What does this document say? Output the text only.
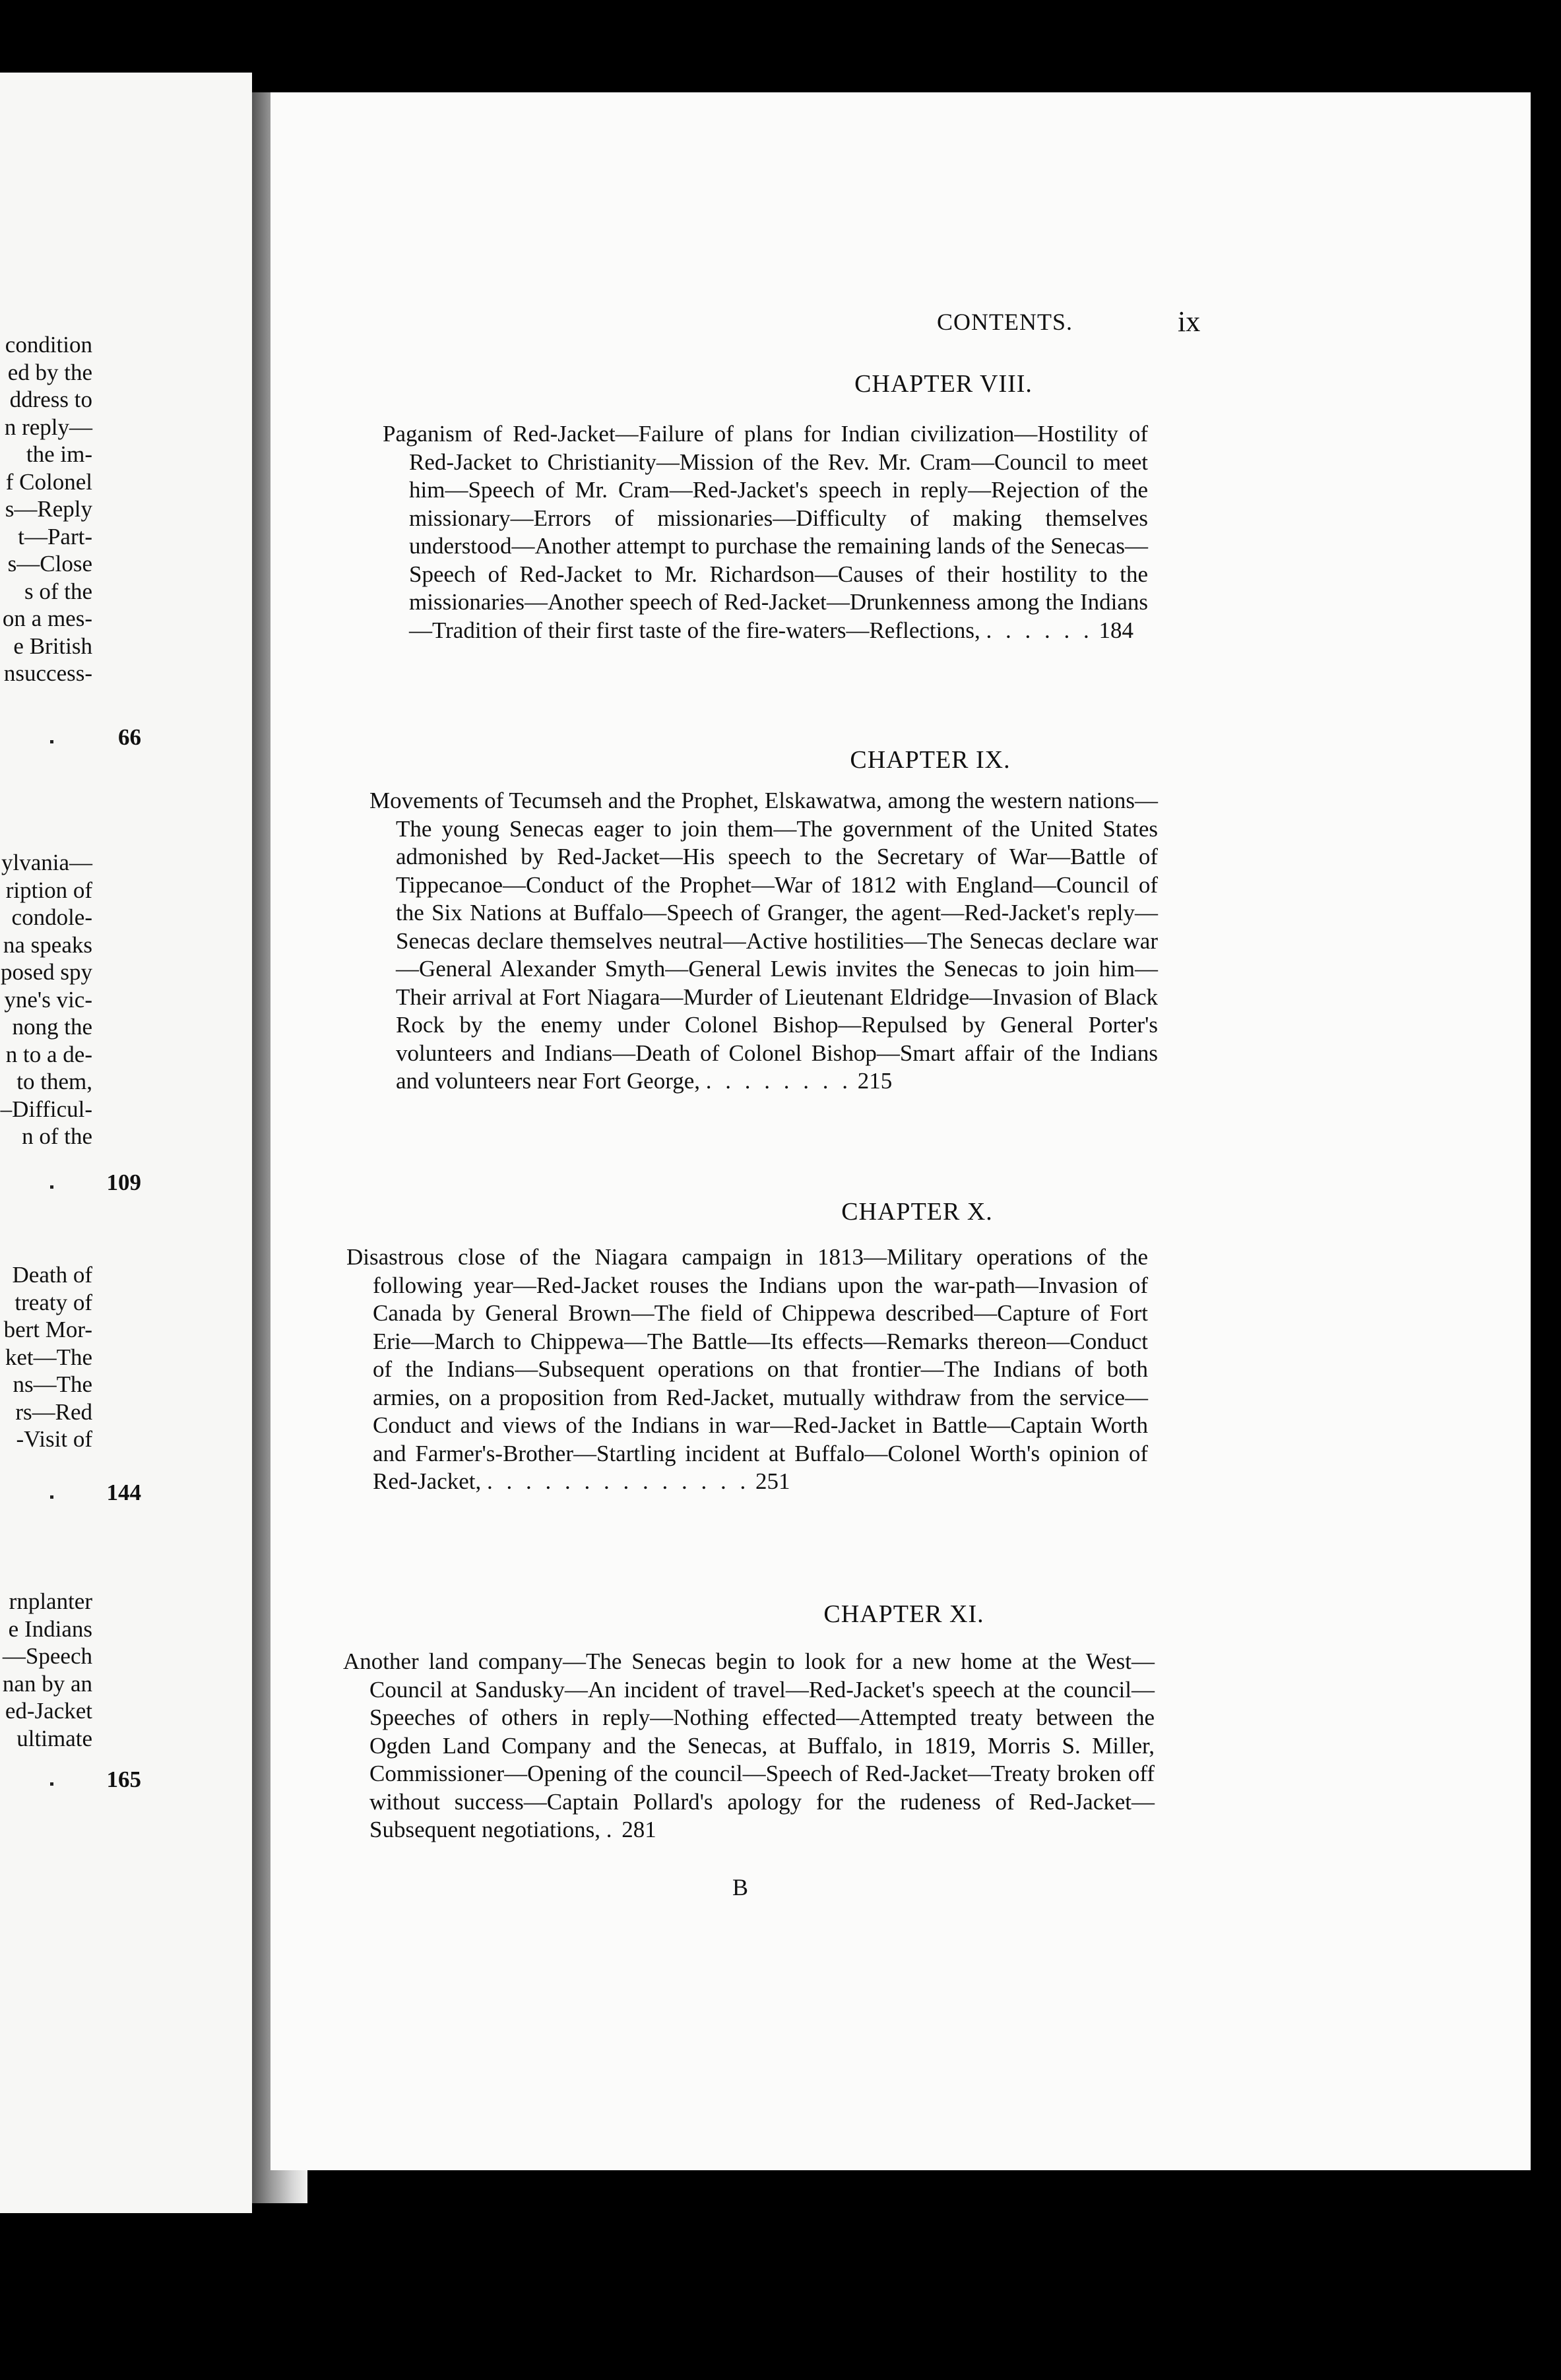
condition
ed by the
ddress to
n reply—
the im-
f Colonel
s—Reply
t—Part-
s—Close
s of the
on a mes-
e British
nsuccess-
66
ylvania—
ription of
condole-
na speaks
posed spy
yne's vic-
nong the
n to a de-
to them,
–Difficul-
n of the
109
Death of
treaty of
bert Mor-
ket—The
ns—The
rs—Red
-Visit of
144
rnplanter
e Indians
—Speech
nan by an
ed-Jacket
ultimate
165
CONTENTS.	ix
CHAPTER VIII.
Paganism of Red-Jacket—Failure of plans for Indian civilization—Hostility of Red-Jacket to Christianity—Mission of the Rev. Mr. Cram—Council to meet him—Speech of Mr. Cram—Red-Jacket's speech in reply—Rejection of the missionary—Errors of missionaries—Difficulty of making themselves understood—Another attempt to purchase the remaining lands of the Senecas—Speech of Red-Jacket to Mr. Richardson—Causes of their hostility to the missionaries—Another speech of Red-Jacket—Drunkenness among the Indians—Tradition of their first taste of the fire-waters—Reflections, . . . . . . 184
CHAPTER IX.
Movements of Tecumseh and the Prophet, Elskawatwa, among the western nations—The young Senecas eager to join them—The government of the United States admonished by Red-Jacket—His speech to the Secretary of War—Battle of Tippecanoe—Conduct of the Prophet—War of 1812 with England—Council of the Six Nations at Buffalo—Speech of Granger, the agent—Red-Jacket's reply—Senecas declare themselves neutral—Active hostilities—The Senecas declare war—General Alexander Smyth—General Lewis invites the Senecas to join him—Their arrival at Fort Niagara—Murder of Lieutenant Eldridge—Invasion of Black Rock by the enemy under Colonel Bishop—Repulsed by General Porter's volunteers and Indians—Death of Colonel Bishop—Smart affair of the Indians and volunteers near Fort George, . . . . . . . . 215
CHAPTER X.
Disastrous close of the Niagara campaign in 1813—Military operations of the following year—Red-Jacket rouses the Indians upon the war-path—Invasion of Canada by General Brown—The field of Chippewa described—Capture of Fort Erie—March to Chippewa—The Battle—Its effects—Remarks thereon—Conduct of the Indians—Subsequent operations on that frontier—The Indians of both armies, on a proposition from Red-Jacket, mutually withdraw from the service—Conduct and views of the Indians in war—Red-Jacket in Battle—Captain Worth and Farmer's-Brother—Startling incident at Buffalo—Colonel Worth's opinion of Red-Jacket, . . . . . . . . . . . . . . 251
CHAPTER XI.
Another land company—The Senecas begin to look for a new home at the West—Council at Sandusky—An incident of travel—Red-Jacket's speech at the council—Speeches of others in reply—Nothing effected—Attempted treaty between the Ogden Land Company and the Senecas, at Buffalo, in 1819, Morris S. Miller, Commissioner—Opening of the council—Speech of Red-Jacket—Treaty broken off without success—Captain Pollard's apology for the rudeness of Red-Jacket—Subsequent negotiations, . 281
B
